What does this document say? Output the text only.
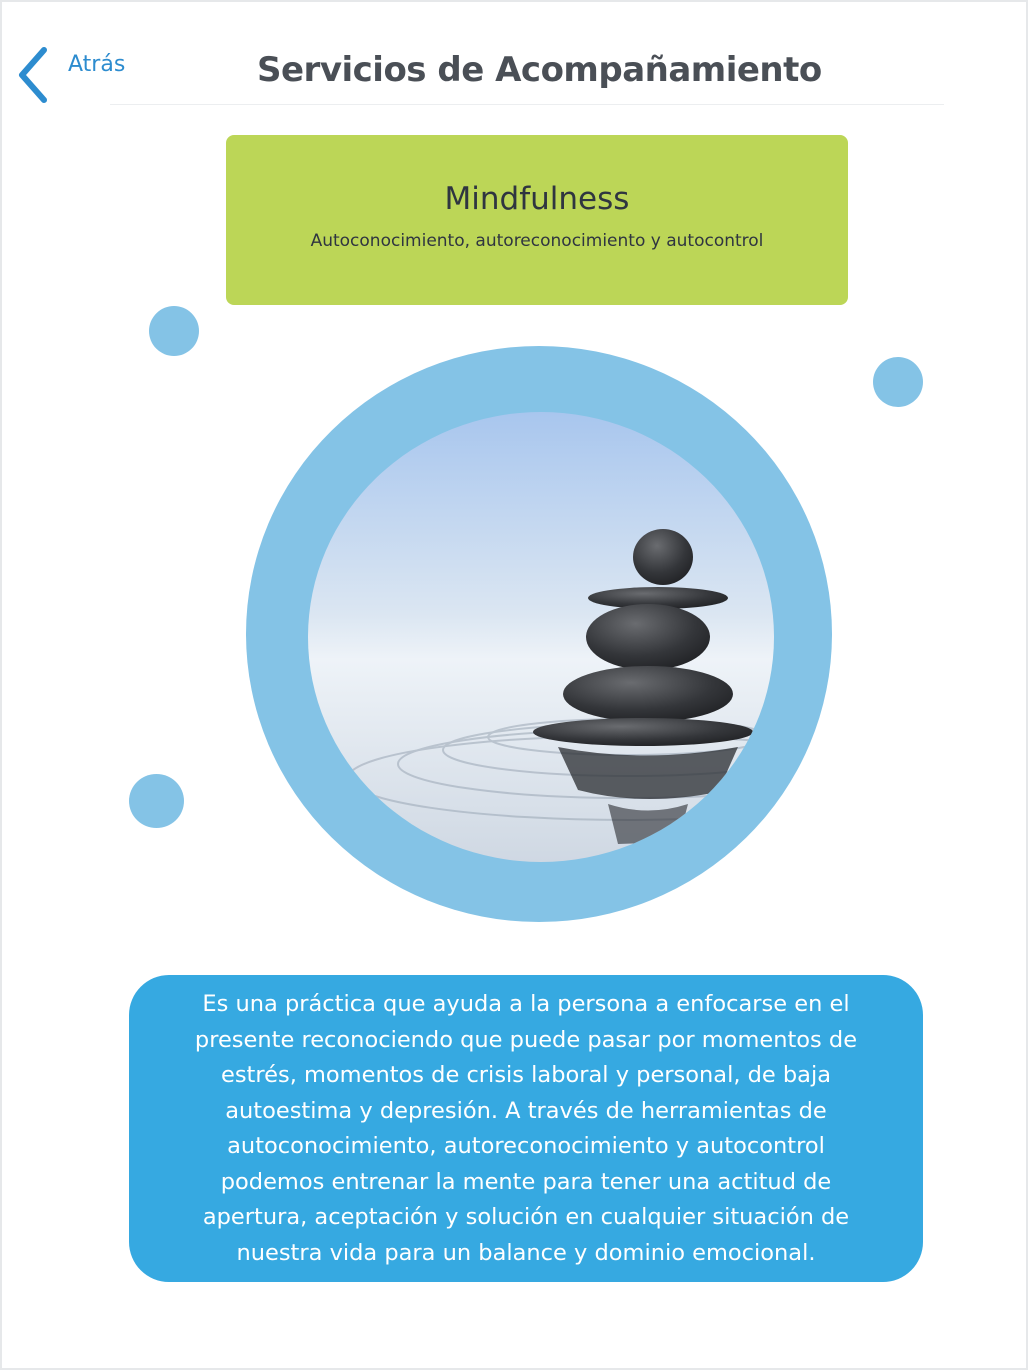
Atrás	Servicios de Acompañamiento
Mindfulness
Autoconocimiento, autoreconocimiento y autocontrol
Es una práctica que ayuda a la persona a enfocarse en el presente reconociendo que puede pasar por momentos de estrés, momentos de crisis laboral y personal, de baja autoestima y depresión. A través de herramientas de autoconocimiento, autoreconocimiento y autocontrol podemos entrenar la mente para tener una actitud de apertura, aceptación y solución en cualquier situación de nuestra vida para un balance y dominio emocional.
